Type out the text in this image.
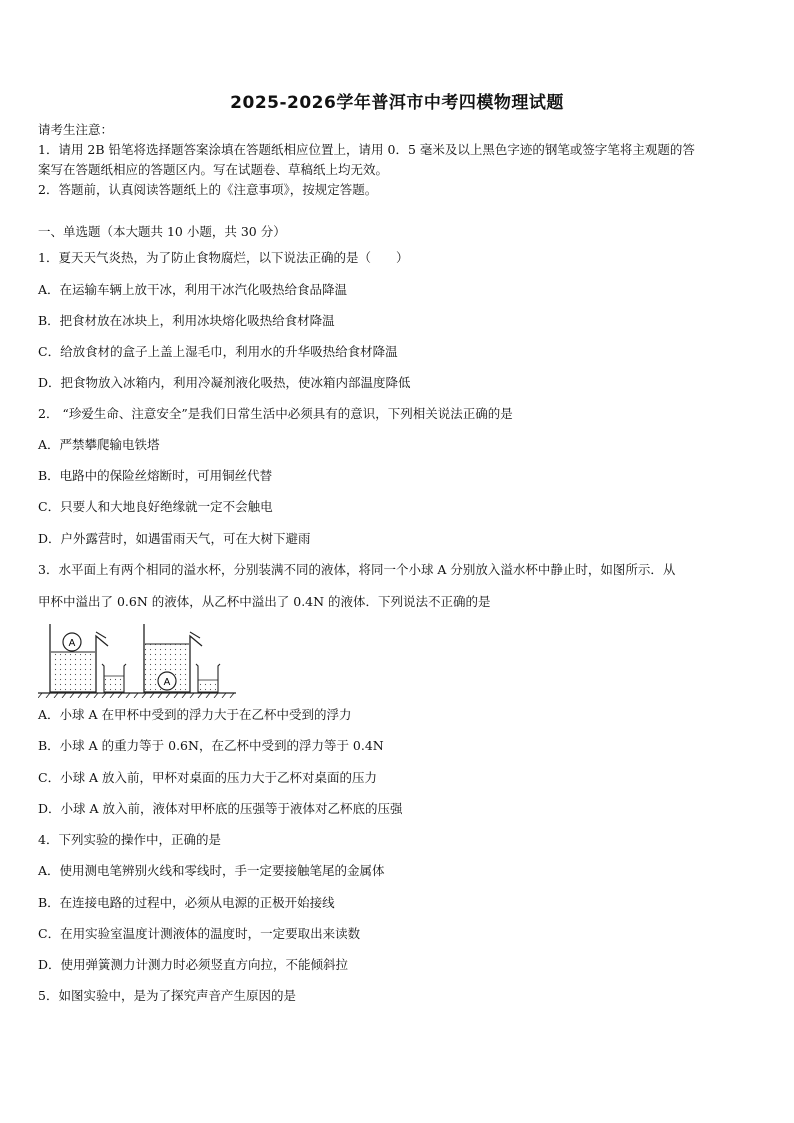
2025-2026学年普洱市中考四模物理试题
请考生注意：
1．请用 2B 铅笔将选择题答案涂填在答题纸相应位置上，请用 0．5 毫米及以上黑色字迹的钢笔或签字笔将主观题的答
案写在答题纸相应的答题区内。写在试题卷、草稿纸上均无效。
2．答题前，认真阅读答题纸上的《注意事项》，按规定答题。
一、单选题（本大题共 10 小题，共 30 分）
1．夏天天气炎热，为了防止食物腐烂，以下说法正确的是（　　）
A．在运输车辆上放干冰，利用干冰汽化吸热给食品降温
B．把食材放在冰块上，利用冰块熔化吸热给食材降温
C．给放食材的盒子上盖上湿毛巾，利用水的升华吸热给食材降温
D．把食物放入冰箱内，利用冷凝剂液化吸热，使冰箱内部温度降低
2． “珍爱生命、注意安全”是我们日常生活中必须具有的意识，下列相关说法正确的是
A．严禁攀爬输电铁塔
B．电路中的保险丝熔断时，可用铜丝代替
C．只要人和大地良好绝缘就一定不会触电
D．户外露营时，如遇雷雨天气，可在大树下避雨
3．水平面上有两个相同的溢水杯，分别装满不同的液体，将同一个小球 A 分别放入溢水杯中静止时，如图所示．从
甲杯中溢出了 0.6N 的液体，从乙杯中溢出了 0.4N 的液体．下列说法不正确的是
A
A
A．小球 A 在甲杯中受到的浮力大于在乙杯中受到的浮力
B．小球 A 的重力等于 0.6N，在乙杯中受到的浮力等于 0.4N
C．小球 A 放入前，甲杯对桌面的压力大于乙杯对桌面的压力
D．小球 A 放入前，液体对甲杯底的压强等于液体对乙杯底的压强
4．下列实验的操作中，正确的是
A．使用测电笔辨别火线和零线时，手一定要接触笔尾的金属体
B．在连接电路的过程中，必须从电源的正极开始接线
C．在用实验室温度计测液体的温度时，一定要取出来读数
D．使用弹簧测力计测力时必须竖直方向拉，不能倾斜拉
5．如图实验中，是为了探究声音产生原因的是
